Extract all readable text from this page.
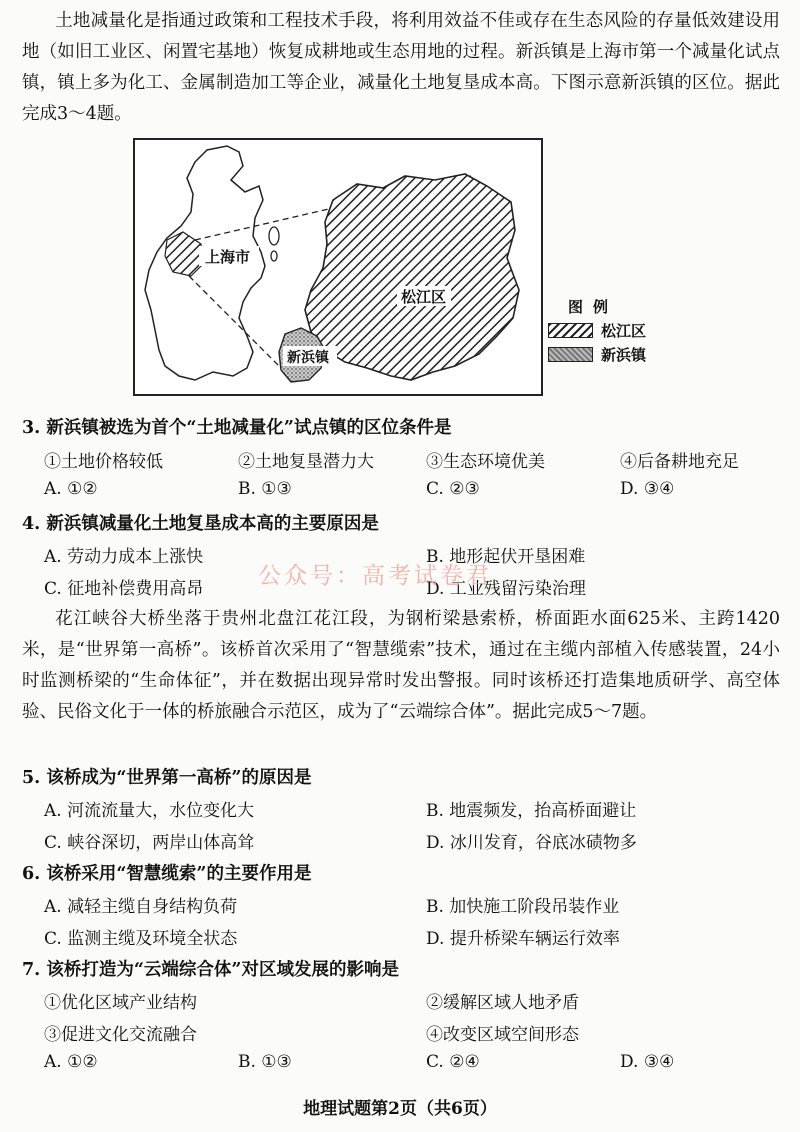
土地减量化是指通过政策和工程技术手段，将利用效益不佳或存在生态风险的存量低效建设用地（如旧工业区、闲置宅基地）恢复成耕地或生态用地的过程。新浜镇是上海市第一个减量化试点镇，镇上多为化工、金属制造加工等企业，减量化土地复垦成本高。下图示意新浜镇的区位。据此完成3～4题。

上海市
松江区
新浜镇
图例
松江区
新浜镇

3. 新浜镇被选为首个“土地减量化”试点镇的区位条件是

①土地价格较低	②土地复垦潜力大	③生态环境优美	④后备耕地充足

A. ①②	B. ①③	C. ②③	D. ③④

4. 新浜镇减量化土地复垦成本高的主要原因是

A. 劳动力成本上涨快	B. 地形起伏开垦困难

C. 征地补偿费用高昂	D. 工业残留污染治理

公众号：高考试卷君

花江峡谷大桥坐落于贵州北盘江花江段，为钢桁梁悬索桥，桥面距水面625米、主跨1420米，是“世界第一高桥”。该桥首次采用了“智慧缆索”技术，通过在主缆内部植入传感装置，24小时监测桥梁的“生命体征”，并在数据出现异常时发出警报。同时该桥还打造集地质研学、高空体验、民俗文化于一体的桥旅融合示范区，成为了“云端综合体”。据此完成5～7题。

5. 该桥成为“世界第一高桥”的原因是

A. 河流流量大，水位变化大	B. 地震频发，抬高桥面避让

C. 峡谷深切，两岸山体高耸	D. 冰川发育，谷底冰碛物多

6. 该桥采用“智慧缆索”的主要作用是

A. 减轻主缆自身结构负荷	B. 加快施工阶段吊装作业

C. 监测主缆及环境全状态	D. 提升桥梁车辆运行效率

7. 该桥打造为“云端综合体”对区域发展的影响是

①优化区域产业结构	②缓解区域人地矛盾

③促进文化交流融合	④改变区域空间形态

A. ①②	B. ①③	C. ②④	D. ③④

地理试题第2页（共6页）
